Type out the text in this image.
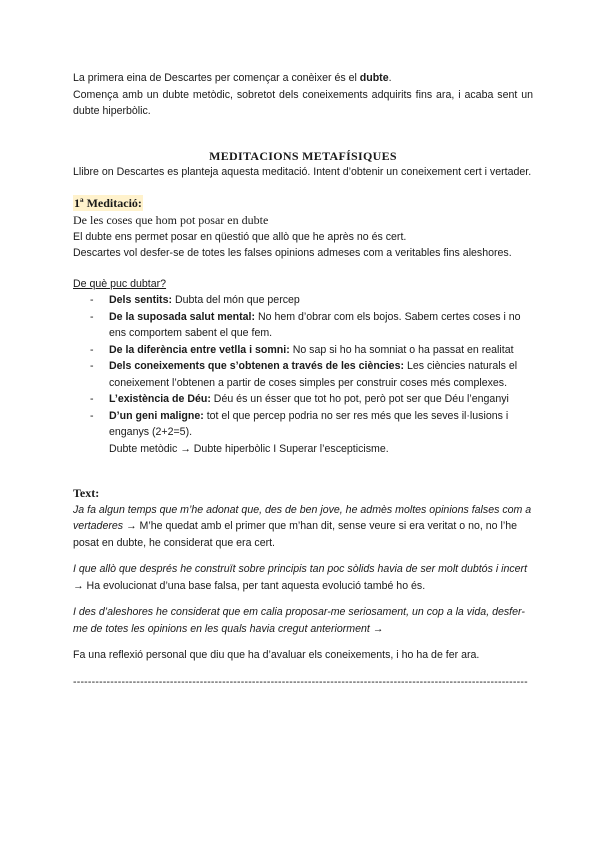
La primera eina de Descartes per començar a conèixer és el dubte.

Comença amb un dubte metòdic, sobretot dels coneixements adquirits fins ara, i acaba sent un dubte hiperbòlic.

MEDITACIONS METAFÍSIQUES

Llibre on Descartes es planteja aquesta meditació. Intent d’obtenir un coneixement cert i vertader.

1ª Meditació:

De les coses que hom pot posar en dubte

El dubte ens permet posar en qüestió que allò que he après no és cert.

Descartes vol desfer-se de totes les falses opinions admeses com a veritables fins aleshores.

De què puc dubtar?

- Dels sentits: Dubta del món que percep
- De la suposada salut mental: No hem d’obrar com els bojos. Sabem certes coses i no ens comportem sabent el que fem.
- De la diferència entre vetlla i somni: No sap si ho ha somniat o ha passat en realitat
- Dels coneixements que s’obtenen a través de les ciències: Les ciències naturals el coneixement l’obtenen a partir de coses simples per construir coses més complexes.
- L’existència de Déu: Déu és un ésser que tot ho pot, però pot ser que Déu l’enganyi
- D’un geni maligne: tot el que percep podria no ser res més que les seves il·lusions i enganys (2+2=5).
Dubte metòdic → Dubte hiperbòlic I Superar l’escepticisme.

Text:

Ja fa algun temps que m’he adonat que, des de ben jove, he admès moltes opinions falses com a vertaderes → M’he quedat amb el primer que m’han dit, sense veure si era veritat o no, no l’he posat en dubte, he considerat que era cert.

I que allò que després he construït sobre principis tan poc sòlids havia de ser molt dubtós i incert → Ha evolucionat d’una base falsa, per tant aquesta evolució també ho és.

I des d’aleshores he considerat que em calia proposar-me seriosament, un cop a la vida, desfer-me de totes les opinions en les quals havia cregut anteriorment →

Fa una reflexió personal que diu que ha d’avaluar els coneixements, i ho ha de fer ara.

--------------------------------------------------------------------------------------------------------------------------
